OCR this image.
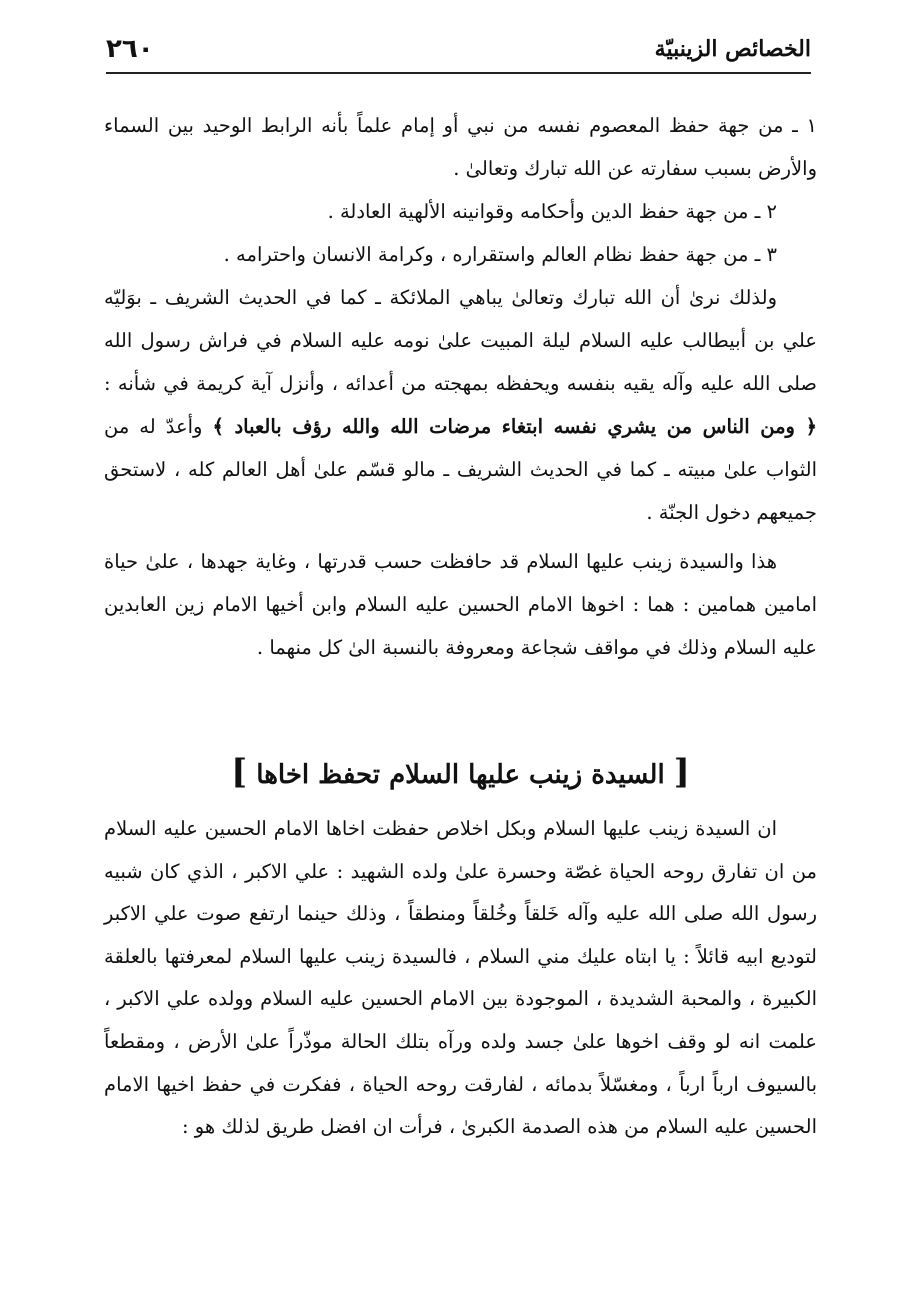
٢٦٠	الخصائص الزينبيّة

١ ـ من جهة حفظ المعصوم نفسه من نبي أو إمام علماً بأنه الرابط الوحيد بين السماء والأرض بسبب سفارته عن الله تبارك وتعالىٰ .

٢ ـ من جهة حفظ الدين وأحكامه وقوانينه الألهية العادلة .

٣ ـ من جهة حفظ نظام العالم واستقراره ، وكرامة الانسان واحترامه .

ولذلك نرىٰ أن الله تبارك وتعالىٰ يباهي الملائكة ـ كما في الحديث الشريف ـ بوَليّه علي بن أبيطالب عليه السلام ليلة المبيت علىٰ نومه عليه السلام في فراش رسول الله صلى الله عليه وآله يقيه بنفسه ويحفظه بمهجته من أعدائه ، وأنزل آية كريمة في شأنه : ﴿ ومن الناس من يشري نفسه ابتغاء مرضات الله والله رؤف بالعباد ﴾ وأعدّ له من الثواب علىٰ مبيته ـ كما في الحديث الشريف ـ مالو قسّم علىٰ أهل العالم كله ، لاستحق جميعهم دخول الجنّة .

هذا والسيدة زينب عليها السلام قد حافظت حسب قدرتها ، وغاية جهدها ، علىٰ حياة امامين همامين : هما : اخوها الامام الحسين عليه السلام وابن أخيها الامام زين العابدين عليه السلام وذلك في مواقف شجاعة ومعروفة بالنسبة الىٰ كل منهما .

[ السيدة زينب عليها السلام تحفظ اخاها ]

ان السيدة زينب عليها السلام وبكل اخلاص حفظت اخاها الامام الحسين عليه السلام من ان تفارق روحه الحياة غصّة وحسرة علىٰ ولده الشهيد : علي الاكبر ، الذي كان شبيه رسول الله صلى الله عليه وآله خَلقاً وخُلقاً ومنطقاً ، وذلك حينما ارتفع صوت علي الاكبر لتوديع ابيه قائلاً : يا ابتاه عليك مني السلام ، فالسيدة زينب عليها السلام لمعرفتها بالعلقة الكبيرة ، والمحبة الشديدة ، الموجودة بين الامام الحسين عليه السلام وولده علي الاكبر ، علمت انه لو وقف اخوها علىٰ جسد ولده ورآه بتلك الحالة موذّراً علىٰ الأرض ، ومقطعاً بالسيوف ارباً ارباً ، ومغسّلاً بدمائه ، لفارقت روحه الحياة ، ففكرت في حفظ اخيها الامام الحسين عليه السلام من هذه الصدمة الكبرىٰ ، فرأت ان افضل طريق لذلك هو :
